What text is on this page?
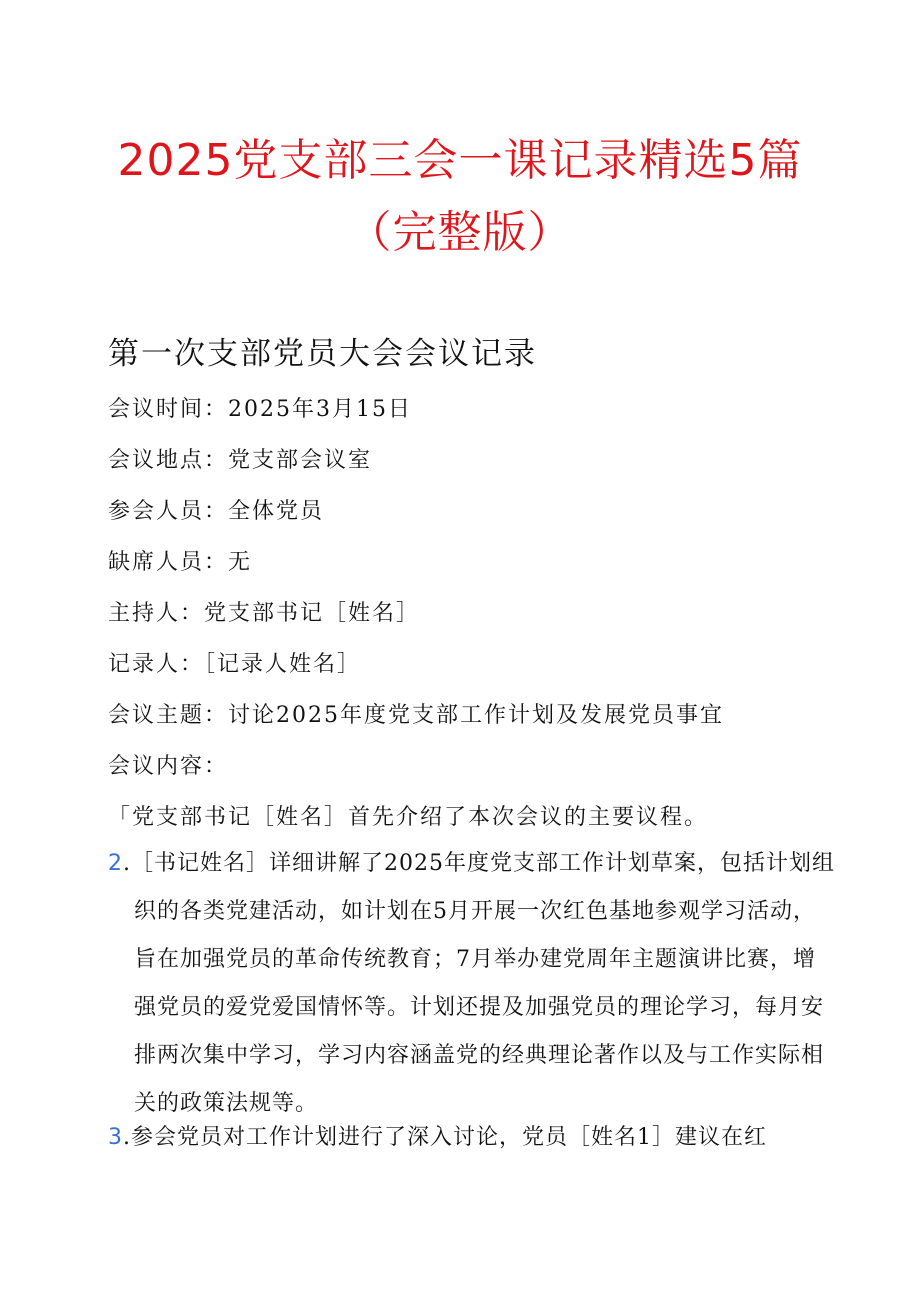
2025党支部三会一课记录精选5篇
（完整版）
第一次支部党员大会会议记录
会议时间：2025年3月15日
会议地点：党支部会议室
参会人员：全体党员
缺席人员：无
主持人：党支部书记［姓名］
记录人：［记录人姓名］
会议主题：讨论2025年度党支部工作计划及发展党员事宜
会议内容：
「党支部书记［姓名］首先介绍了本次会议的主要议程。
2.［书记姓名］详细讲解了2025年度党支部工作计划草案，包括计划组织的各类党建活动，如计划在5月开展一次红色基地参观学习活动，旨在加强党员的革命传统教育；7月举办建党周年主题演讲比赛，增强党员的爱党爱国情怀等。计划还提及加强党员的理论学习，每月安排两次集中学习，学习内容涵盖党的经典理论著作以及与工作实际相关的政策法规等。
3.参会党员对工作计划进行了深入讨论，党员［姓名1］建议在红
